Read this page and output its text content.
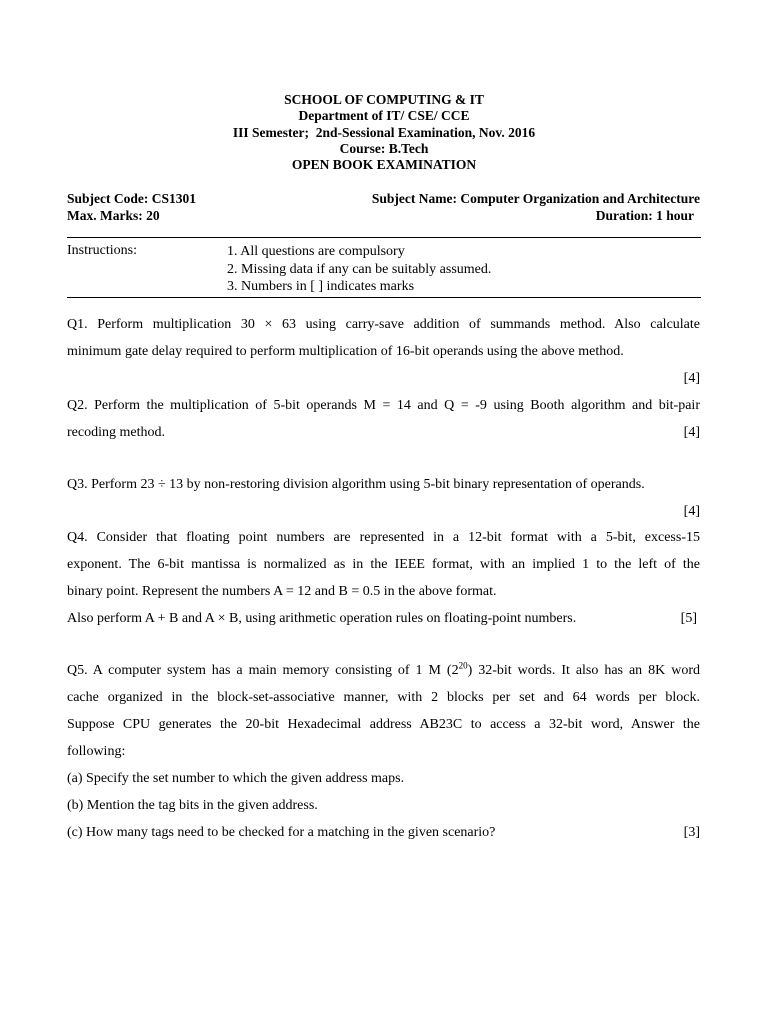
SCHOOL OF COMPUTING & IT
Department of IT/ CSE/ CCE
III Semester;  2nd-Sessional Examination, Nov. 2016
Course: B.Tech
OPEN BOOK EXAMINATION
Subject Code: CS1301	Subject Name: Computer Organization and Architecture
Max. Marks: 20	Duration: 1 hour
Instructions:	1. All questions are compulsory
2. Missing data if any can be suitably assumed.
3. Numbers in [ ] indicates marks
Q1. Perform multiplication 30 × 63 using carry-save addition of summands method. Also calculate
minimum gate delay required to perform multiplication of 16-bit operands using the above method.
[4]
Q2. Perform the multiplication of 5-bit operands M = 14 and Q = -9 using Booth algorithm and bit-pair
recoding method.	[4]
Q3. Perform 23 ÷ 13 by non-restoring division algorithm using 5-bit binary representation of operands.
[4]
Q4. Consider that floating point numbers are represented in a 12-bit format with a 5-bit, excess-15
exponent. The 6-bit mantissa is normalized as in the IEEE format, with an implied 1 to the left of the
binary point. Represent the numbers A = 12 and B = 0.5 in the above format.
Also perform A + B and A × B, using arithmetic operation rules on floating-point numbers.	[5]
Q5. A computer system has a main memory consisting of 1 M $(2^{20})$ 32-bit words. It also has an 8K word
cache organized in the block-set-associative manner, with 2 blocks per set and 64 words per block.
Suppose CPU generates the 20-bit Hexadecimal address AB23C to access a 32-bit word, Answer the
following:
(a) Specify the set number to which the given address maps.
(b) Mention the tag bits in the given address.
(c) How many tags need to be checked for a matching in the given scenario?	[3]
